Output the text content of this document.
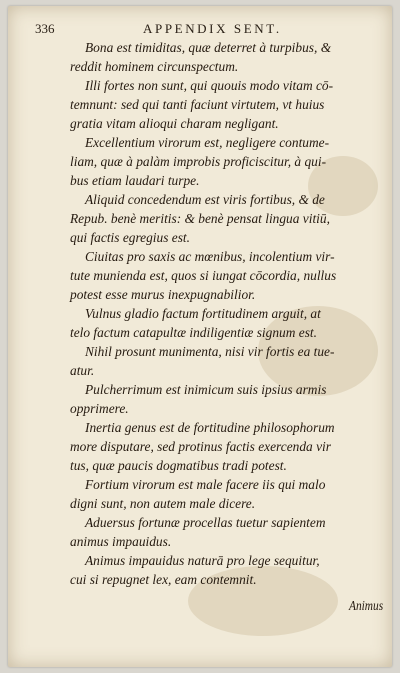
336	APPENDIX SENT.
Bona est timiditas, quæ deterret à turpibus, &
reddit hominem circunspectum.
Illi fortes non sunt, qui quouis modo vitam cō-
temnunt: sed qui tanti faciunt virtutem, vt huius
gratia vitam alioqui charam negligant.
Excellentium virorum est, negligere contume-
liam, quæ à palàm improbis proficiscitur, à qui-
bus etiam laudari turpe.
Aliquid concedendum est viris fortibus, & de
Repub. benè meritis: & benè pensat lingua vitiū,
qui factis egregius est.
Ciuitas pro saxis ac mœnibus, incolentium vir-
tute munienda est, quos si iungat cōcordia, nullus
potest esse murus inexpugnabilior.
Vulnus gladio factum fortitudinem arguit, at
telo factum catapultæ indiligentiæ signum est.
Nihil prosunt munimenta, nisi vir fortis ea tue-
atur.
Pulcherrimum est inimicum suis ipsius armis
opprimere.
Inertia genus est de fortitudine philosophorum
more disputare, sed protinus factis exercenda vir
tus, quæ paucis dogmatibus tradi potest.
Fortium virorum est male facere iis qui malo
digni sunt, non autem male dicere.
Aduersus fortunæ procellas tuetur sapientem
animus impauidus.
Animus impauidus naturā pro lege sequitur,
cui si repugnet lex, eam contemnit.
Animus
